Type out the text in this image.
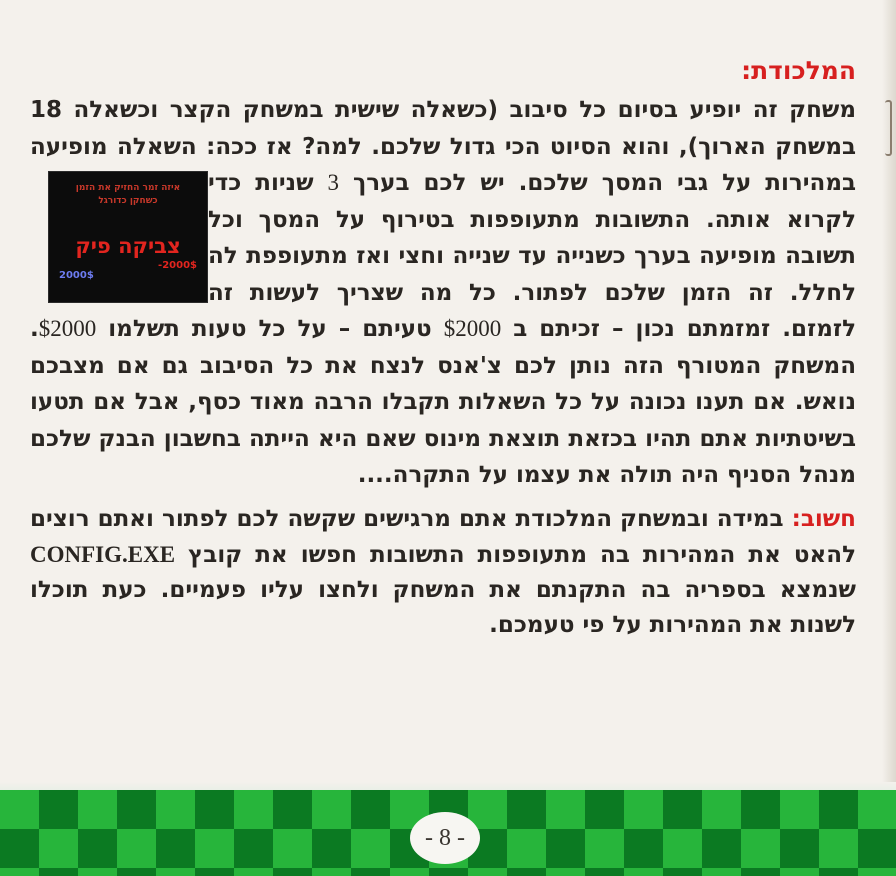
המלכודת:

משחק זה יופיע בסיום כל סיבוב (כשאלה שישית במשחק הקצר וכשאלה 18 במשחק הארוך), והוא הסיוט הכי גדול שלכם. למה? אז ככה: השאלה מופיעה במהירות על גבי המסך שלכם. יש לכם בערך 3
איזה זמר החזיק את הזמן
כשחקן כדורגל
צביקה פיק
2000$
-2000$
שניות כדי לקרוא אותה. התשובות מתעופפות בטירוף על המסך וכל תשובה מופיעה בערך כשנייה עד שנייה וחצי ואז מתעופפת לה לחלל. זה הזמן שלכם לפתור. כל מה שצריך לעשות זה לזמזם. זמזמתם נכון – זכיתם ב $2000 טעיתם – על כל טעות תשלמו $2000. המשחק המטורף הזה נותן לכם צ'אנס לנצח את כל הסיבוב גם אם מצבכם נואש. אם תענו נכונה על כל השאלות תקבלו הרבה מאוד כסף, אבל אם תטעו בשיטתיות אתם תהיו בכזאת תוצאת מינוס שאם היא הייתה בחשבון הבנק שלכם מנהל הסניף היה תולה את עצמו על התקרה....

חשוב: במידה ובמשחק המלכודת אתם מרגישים שקשה לכם לפתור ואתם רוצים להאט את המהירות בה מתעופפות התשובות חפשו את קובץ CONFIG.EXE שנמצא בספריה בה התקנתם את המשחק ולחצו עליו פעמיים. כעת תוכלו לשנות את המהירות על פי טעמכם.

- 8 -
